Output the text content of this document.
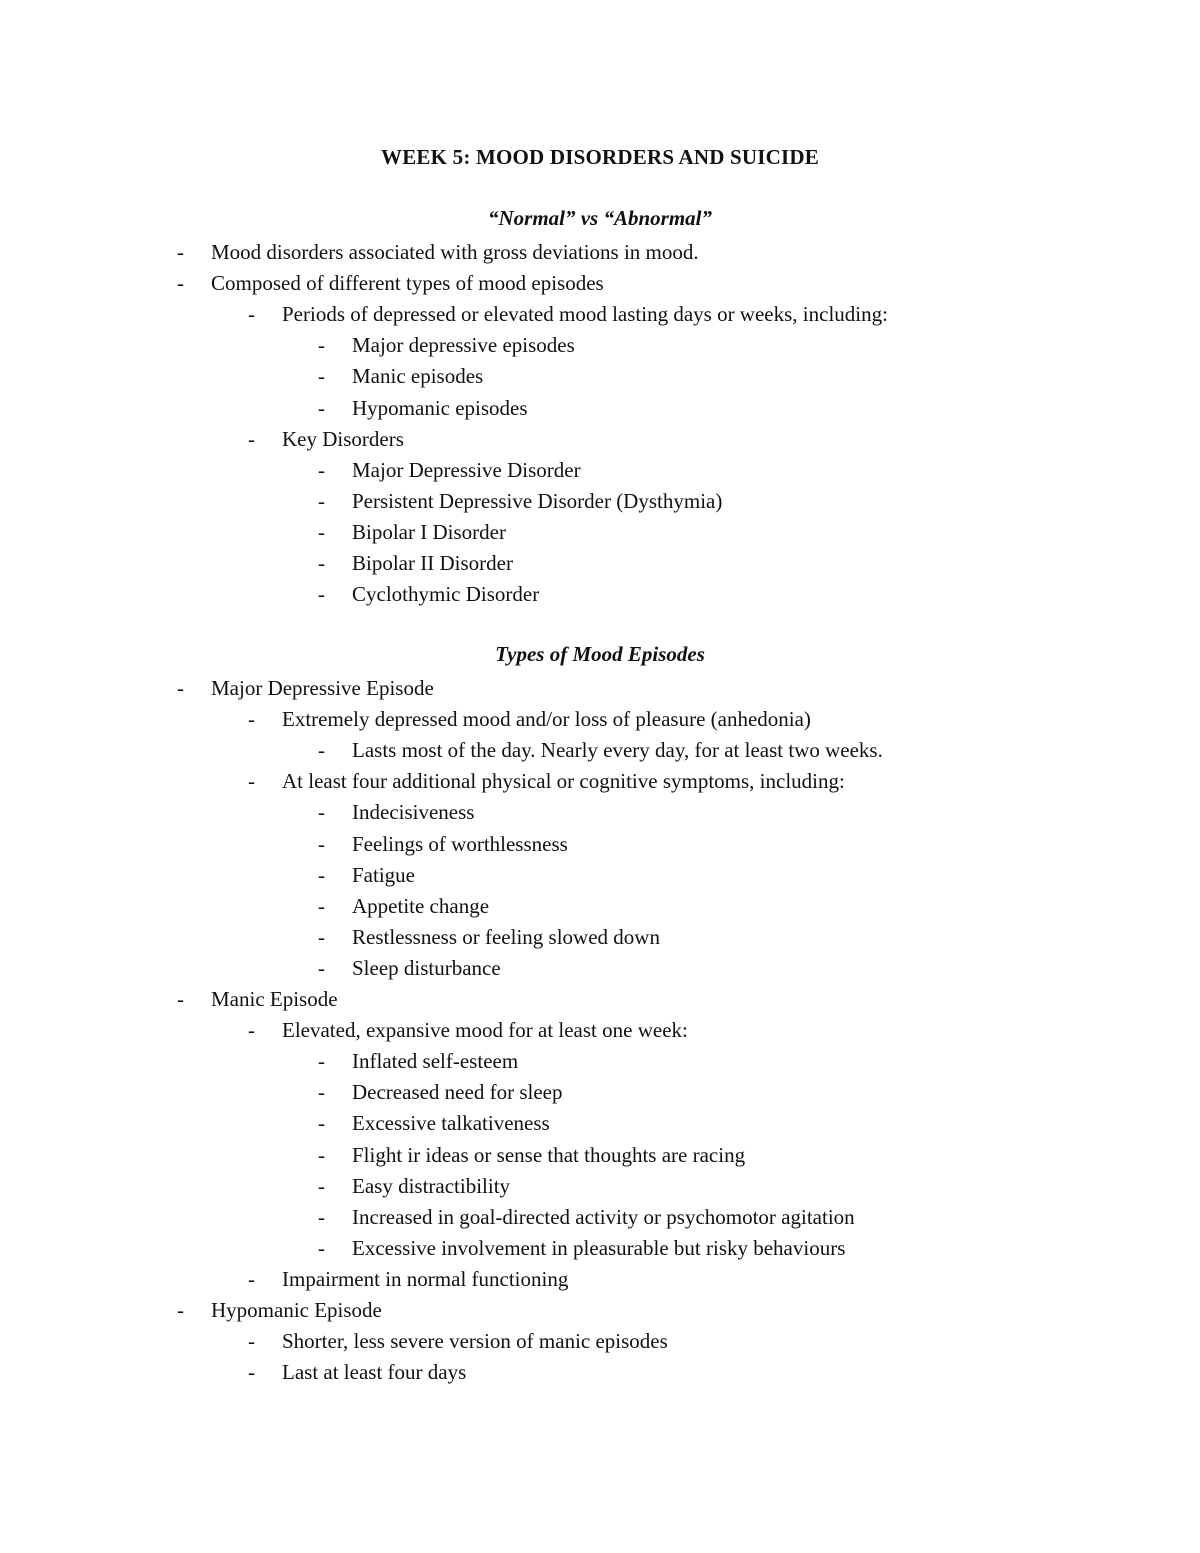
WEEK 5: MOOD DISORDERS AND SUICIDE
“Normal” vs “Abnormal”
- Mood disorders associated with gross deviations in mood.
- Composed of different types of mood episodes
- Periods of depressed or elevated mood lasting days or weeks, including:
- Major depressive episodes
- Manic episodes
- Hypomanic episodes
- Key Disorders
- Major Depressive Disorder
- Persistent Depressive Disorder (Dysthymia)
- Bipolar I Disorder
- Bipolar II Disorder
- Cyclothymic Disorder
Types of Mood Episodes
- Major Depressive Episode
- Extremely depressed mood and/or loss of pleasure (anhedonia)
- Lasts most of the day. Nearly every day, for at least two weeks.
- At least four additional physical or cognitive symptoms, including:
- Indecisiveness
- Feelings of worthlessness
- Fatigue
- Appetite change
- Restlessness or feeling slowed down
- Sleep disturbance
- Manic Episode
- Elevated, expansive mood for at least one week:
- Inflated self-esteem
- Decreased need for sleep
- Excessive talkativeness
- Flight ir ideas or sense that thoughts are racing
- Easy distractibility
- Increased in goal-directed activity or psychomotor agitation
- Excessive involvement in pleasurable but risky behaviours
- Impairment in normal functioning
- Hypomanic Episode
- Shorter, less severe version of manic episodes
- Last at least four days
